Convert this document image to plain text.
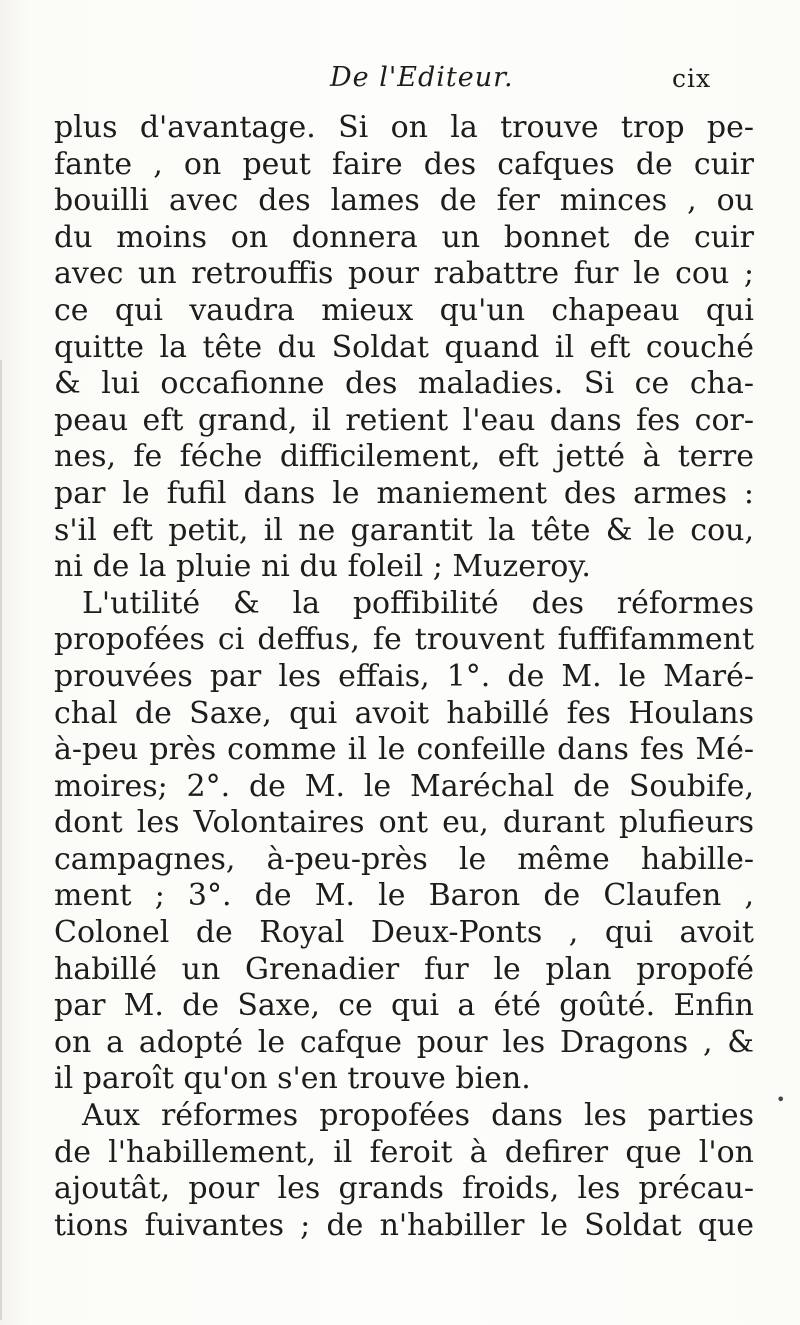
De l'Editeur.	cix
plus d'avantage. Si on la trouve trop pe-
fante , on peut faire des cafques de cuir
bouilli avec des lames de fer minces , ou
du moins on donnera un bonnet de cuir
avec un retrouffis pour rabattre fur le cou ;
ce qui vaudra mieux qu'un chapeau qui
quitte la tête du Soldat quand il eft couché
& lui occafionne des maladies. Si ce cha-
peau eft grand, il retient l'eau dans fes cor-
nes, fe féche difficilement, eft jetté à terre
par le fufil dans le maniement des armes :
s'il eft petit, il ne garantit la tête & le cou,
ni de la pluie ni du foleil ; Muzeroy.
L'utilité & la poffibilité des réformes
propofées ci deffus, fe trouvent fuffifamment
prouvées par les effais, 1°. de M. le Maré-
chal de Saxe, qui avoit habillé fes Houlans
à-peu près comme il le confeille dans fes Mé-
moires; 2°. de M. le Maréchal de Soubife,
dont les Volontaires ont eu, durant plufieurs
campagnes, à-peu-près le même habille-
ment ; 3°. de M. le Baron de Claufen ,
Colonel de Royal Deux-Ponts , qui avoit
habillé un Grenadier fur le plan propofé
par M. de Saxe, ce qui a été goûté. Enfin
on a adopté le cafque pour les Dragons , &
il paroît qu'on s'en trouve bien.
Aux réformes propofées dans les parties
de l'habillement, il feroit à defirer que l'on
ajoutât, pour les grands froids, les précau-
tions fuivantes ; de n'habiller le Soldat que
•
